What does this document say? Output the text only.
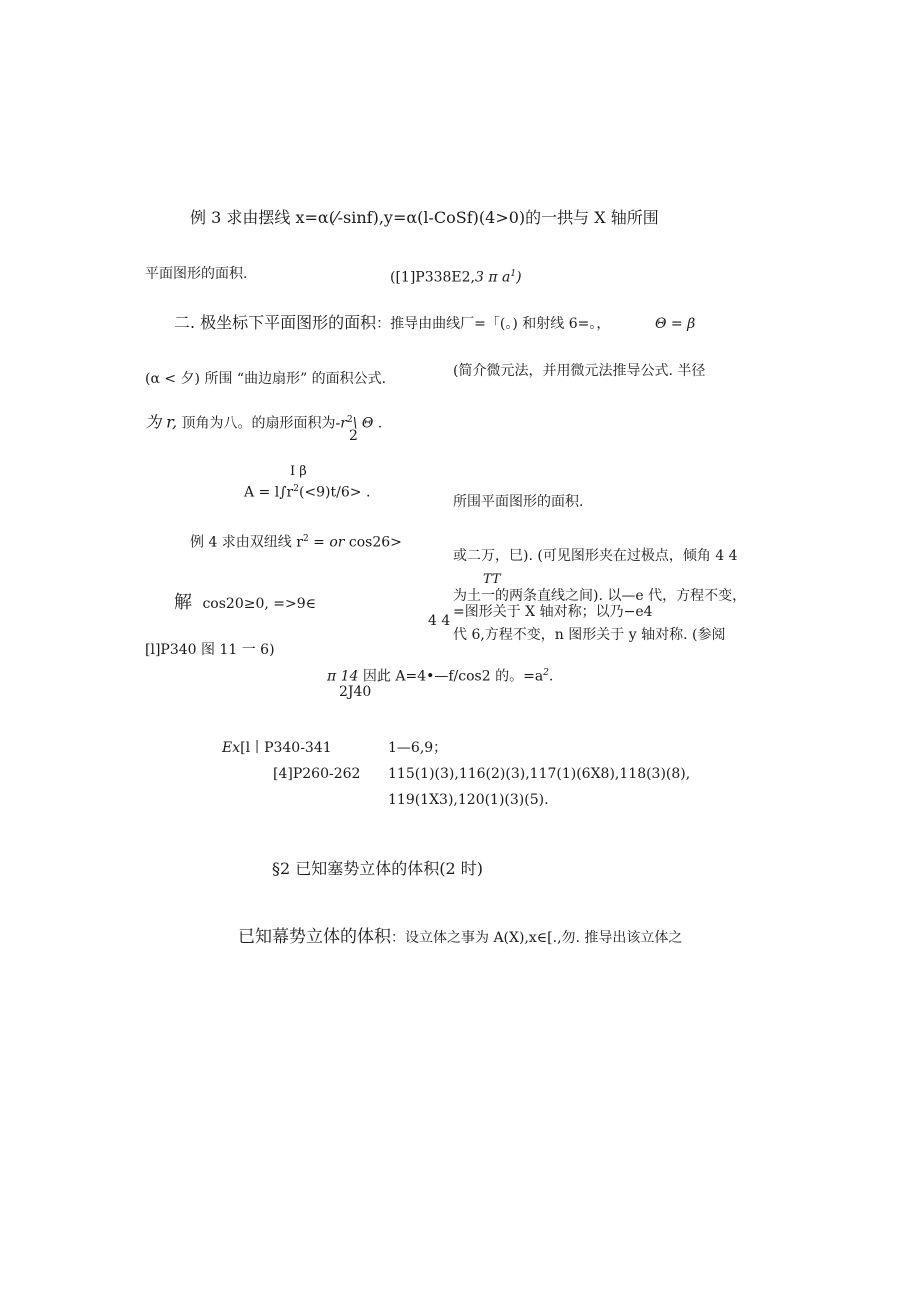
例 3 求由摆线 x=α(⁄-sinf),y=α(l-CoSf)(4>0)的一拱与 X 轴所围
平面图形的面积.	([1]P338E2,3 π $a^1$)
二. 极坐标下平面图形的面积：推导由曲线厂=「(。) 和射线 6=。，	Θ = β
(α < 夕) 所围 “曲边扇形” 的面积公式.	(简介微元法，并用微元法推导公式. 半径
为 r, 顶角为八。的扇形面积为$-r^2\backslash$ Θ .
2
I β
$A = l\int r^2(<9)t∕6>$ .
所围平面图形的面积.
例 4 求由双纽线 $r^2$ = or cos26>
或二万，巳). (可见图形夹在过极点，倾角 4 4
TT
为土一的两条直线之间). 以—e 代，方程不变，
=图形关于 X 轴对称；以乃−e4
4 4
代 6,方程不变，n 图形关于 y 轴对称. (参阅
解 cos20≥0, =>9∈
[l]P340 图 11 一 6)
π 14 因此 A=4•—f/cos2 的。$=a^2$.
2J40
Ex[l丨P340-341	1—6,9；
[4]P260-262 115(1)(3),116(2)(3),117(1)(6X8),118(3)(8),
119(1X3),120(1)(3)(5).
§2 已知塞势立体的体积(2 时)
已知幕势立体的体积：设立体之事为 A(X),x∈[.,勿. 推导出该立体之
